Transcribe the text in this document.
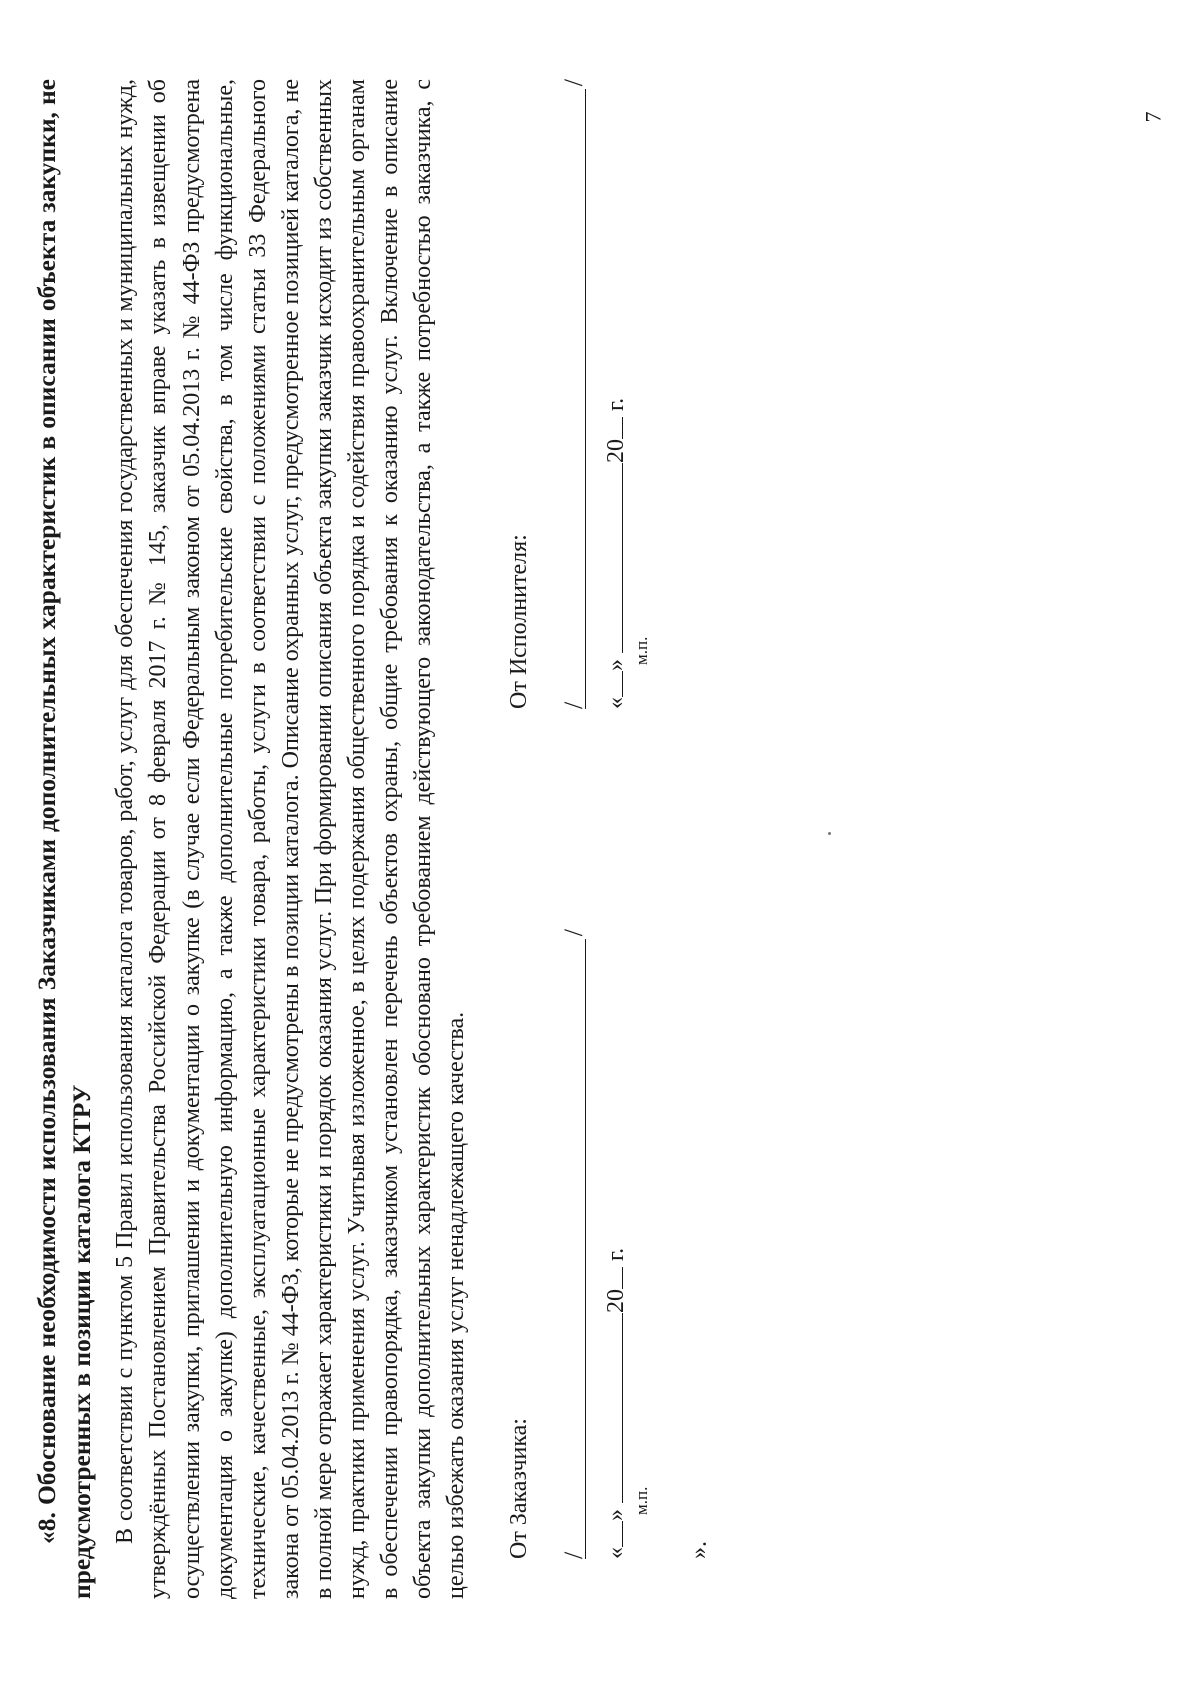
7

«8. Обоснование необходимости использования Заказчиками дополнительных характеристик в описании объекта закупки, не предусмотренных в позиции каталога КТРУ В соответствии с пунктом 5 Правил использования каталога товаров, работ, услуг для обеспечения государственных и муниципальных нужд, утверждённых Постановлением Правительства Российской Федерации от 8 февраля 2017 г. № 145, заказчик вправе указать в извещении об осуществлении закупки, приглашении и документации о закупке (в случае если Федеральным законом от 05.04.2013 г. № 44-ФЗ предусмотрена документация о закупке) дополнительную информацию, а также дополнительные потребительские свойства, в том числе функциональные, технические, качественные, эксплуатационные характеристики товара, работы, услуги в соответствии с положениями статьи 33 Федерального закона от 05.04.2013 г. № 44-ФЗ, которые не предусмотрены в позиции каталога. Описание охранных услуг, предусмотренное позицией каталога, не в полной мере отражает характеристики и порядок оказания услуг. При формировании описания объекта закупки заказчик исходит из собственных нужд, практики применения услуг. Учитывая изложенное, в целях подержания общественного порядка и содействия правоохранительным органам в обеспечении правопорядка, заказчиком установлен перечень объектов охраны, общие требования к оказанию услуг. Включение в описание объекта закупки дополнительных характеристик обосновано требованием действующего законодательства, а также потребностью заказчика, с целью избежать оказания услуг ненадлежащего качества. От Заказчика: /
/
«» 20 г.
м.п.
От Исполнителя: /
/
«» 20 г.
м.п.
».
